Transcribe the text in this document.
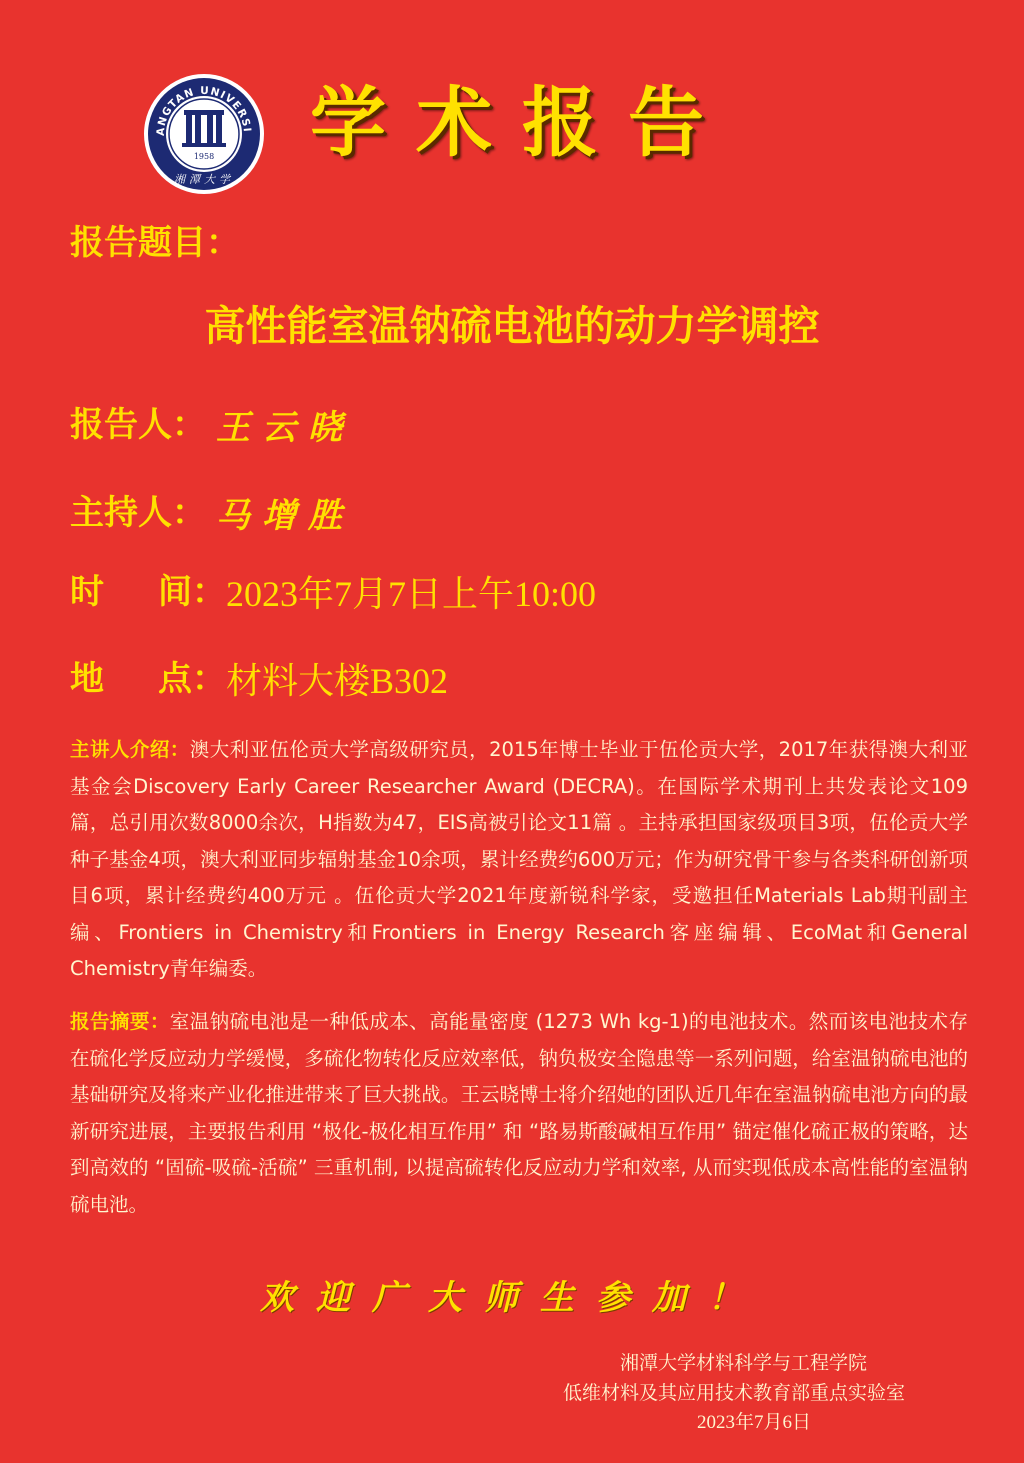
ANGTAN UNIVERSI
1958
湘潭大学
学术报告
报告题目：
高性能室温钠硫电池的动力学调控
报告人： 王云晓
主持人： 马增胜
时	间： 2023年7月7日上午10:00
地	点： 材料大楼B302
主讲人介绍：澳大利亚伍伦贡大学高级研究员，2015年博士毕业于伍伦贡大学，2017年获得澳大利亚基金会Discovery Early Career Researcher Award (DECRA)。在国际学术期刊上共发表论文109篇，总引用次数8000余次，H指数为47，EIS高被引论文11篇 。主持承担国家级项目3项，伍伦贡大学种子基金4项，澳大利亚同步辐射基金10余项，累计经费约600万元；作为研究骨干参与各类科研创新项目6项，累计经费约400万元 。伍伦贡大学2021年度新锐科学家，受邀担任Materials Lab期刊副主编、Frontiers in Chemistry和Frontiers in Energy Research客座编辑、EcoMat和General Chemistry青年编委。
报告摘要：室温钠硫电池是一种低成本、高能量密度 (1273 Wh kg-1)的电池技术。然而该电池技术存在硫化学反应动力学缓慢，多硫化物转化反应效率低，钠负极安全隐患等一系列问题，给室温钠硫电池的基础研究及将来产业化推进带来了巨大挑战。王云晓博士将介绍她的团队近几年在室温钠硫电池方向的最新研究进展，主要报告利用 “极化-极化相互作用” 和 “路易斯酸碱相互作用” 锚定催化硫正极的策略，达到高效的 “固硫-吸硫-活硫” 三重机制, 以提高硫转化反应动力学和效率, 从而实现低成本高性能的室温钠硫电池。
欢迎广大师生参加！
湘潭大学材料科学与工程学院
低维材料及其应用技术教育部重点实验室
2023年7月6日
